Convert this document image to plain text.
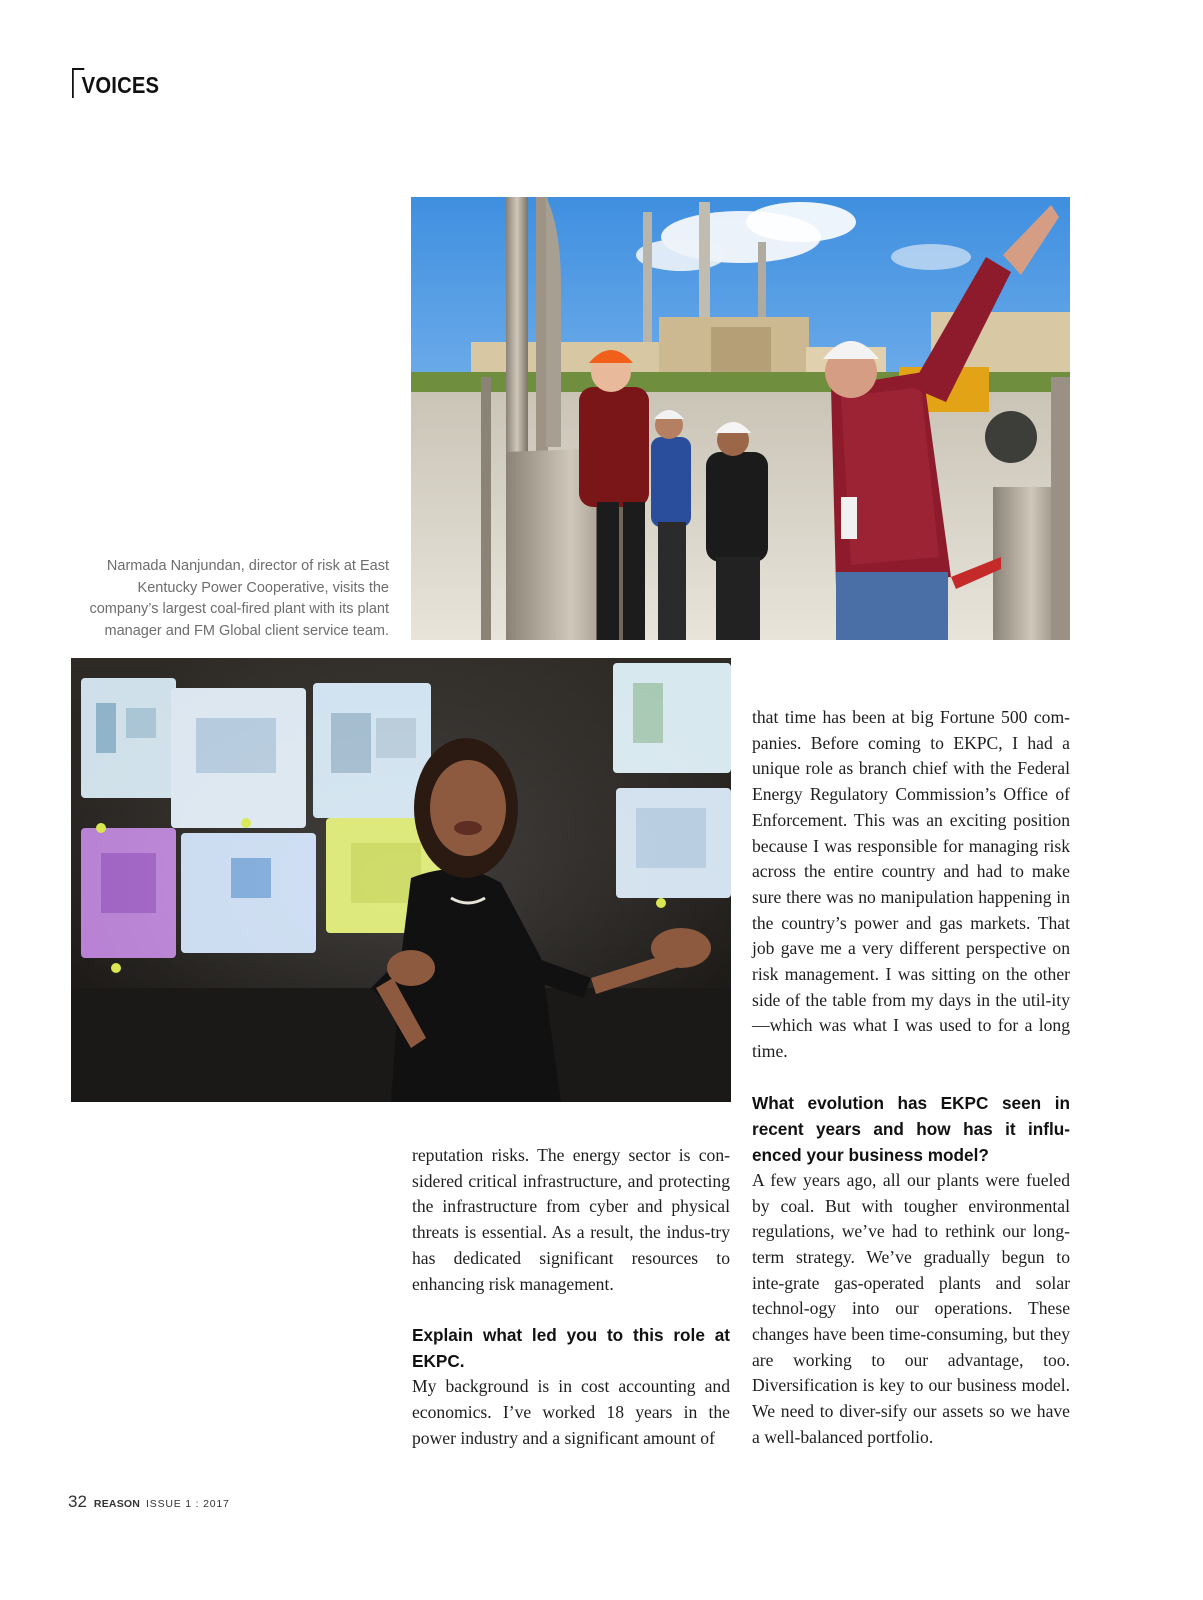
VOICES
Narmada Nanjundan, director of risk at East Kentucky Power Cooperative, visits the company’s largest coal-fired plant with its plant manager and FM Global client service team.

reputation risks. The energy sector is con-sidered critical infrastructure, and protecting the infrastructure from cyber and physical threats is essential. As a result, the indus-try has dedicated significant resources to enhancing risk management.

Explain what led you to this role at EKPC.

My background is in cost accounting and economics. I’ve worked 18 years in the power industry and a significant amount of

that time has been at big Fortune 500 com-panies. Before coming to EKPC, I had a unique role as branch chief with the Federal Energy Regulatory Commission’s Office of Enforcement. This was an exciting position because I was responsible for managing risk across the entire country and had to make sure there was no manipulation happening in the country’s power and gas markets. That job gave me a very different perspective on risk management. I was sitting on the other side of the table from my days in the util-ity—which was what I was used to for a long time.

What evolution has EKPC seen in recent years and how has it influ-enced your business model?

A few years ago, all our plants were fueled by coal. But with tougher environmental regulations, we’ve had to rethink our long-term strategy. We’ve gradually begun to inte-grate gas-operated plants and solar technol-ogy into our operations. These changes have been time-consuming, but they are working to our advantage, too. Diversification is key to our business model. We need to diver-sify our assets so we have a well-balanced portfolio.

32 REASON ISSUE 1 : 2017
